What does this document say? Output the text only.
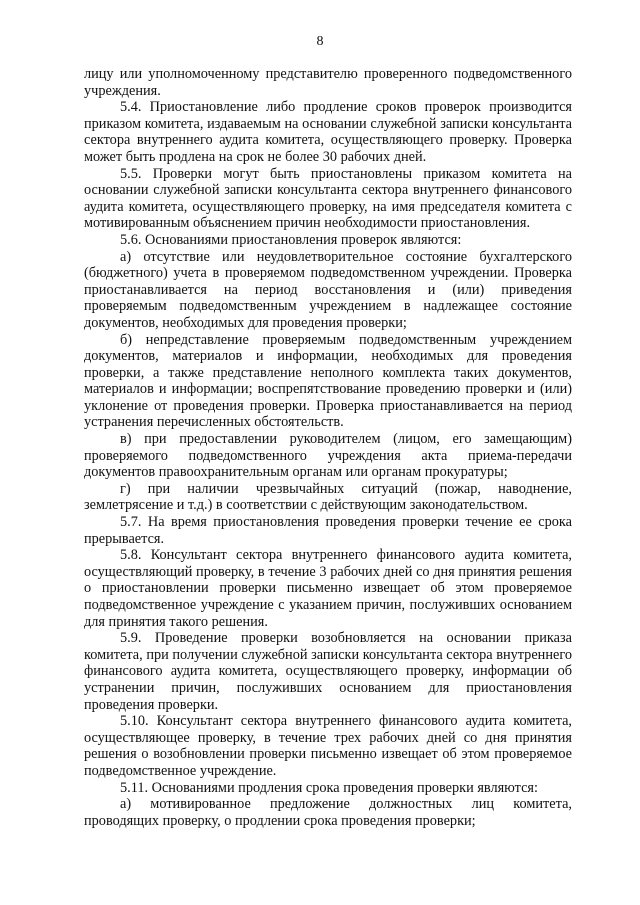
8

лицу или уполномоченному представителю проверенного подведомственного учреждения.

5.4. Приостановление либо продление сроков проверок производится приказом комитета, издаваемым на основании служебной записки консультанта сектора внутреннего аудита комитета, осуществляющего проверку. Проверка может быть продлена на срок не более 30 рабочих дней.

5.5. Проверки могут быть приостановлены приказом комитета на основании служебной записки консультанта сектора внутреннего финансового аудита комитета, осуществляющего проверку, на имя председателя комитета с мотивированным объяснением причин необходимости приостановления.

5.6. Основаниями приостановления проверок являются:

а) отсутствие или неудовлетворительное состояние бухгалтерского (бюджетного) учета в проверяемом подведомственном учреждении. Проверка приостанавливается на период восстановления и (или) приведения проверяемым подведомственным учреждением в надлежащее состояние документов, необходимых для проведения проверки;

б) непредставление проверяемым подведомственным учреждением документов, материалов и информации, необходимых для проведения проверки, а также представление неполного комплекта таких документов, материалов и информации; воспрепятствование проведению проверки и (или) уклонение от проведения проверки. Проверка приостанавливается на период устранения перечисленных обстоятельств.

в) при предоставлении руководителем (лицом, его замещающим) проверяемого подведомственного учреждения акта приема-передачи документов правоохранительным органам или органам прокуратуры;

г) при наличии чрезвычайных ситуаций (пожар, наводнение, землетрясение и т.д.) в соответствии с действующим законодательством.

5.7. На время приостановления проведения проверки течение ее срока прерывается.

5.8. Консультант сектора внутреннего финансового аудита комитета, осуществляющий проверку, в течение 3 рабочих дней со дня принятия решения о приостановлении проверки письменно извещает об этом проверяемое подведомственное учреждение с указанием причин, послуживших основанием для принятия такого решения.

5.9. Проведение проверки возобновляется на основании приказа комитета, при получении служебной записки консультанта сектора внутреннего финансового аудита комитета, осуществляющего проверку, информации об устранении причин, послуживших основанием для приостановления проведения проверки.

5.10. Консультант сектора внутреннего финансового аудита комитета, осуществляющее проверку, в течение трех рабочих дней со дня принятия решения о возобновлении проверки письменно извещает об этом проверяемое подведомственное учреждение.

5.11. Основаниями продления срока проведения проверки являются:

а) мотивированное предложение должностных лиц комитета, проводящих проверку, о продлении срока проведения проверки;
